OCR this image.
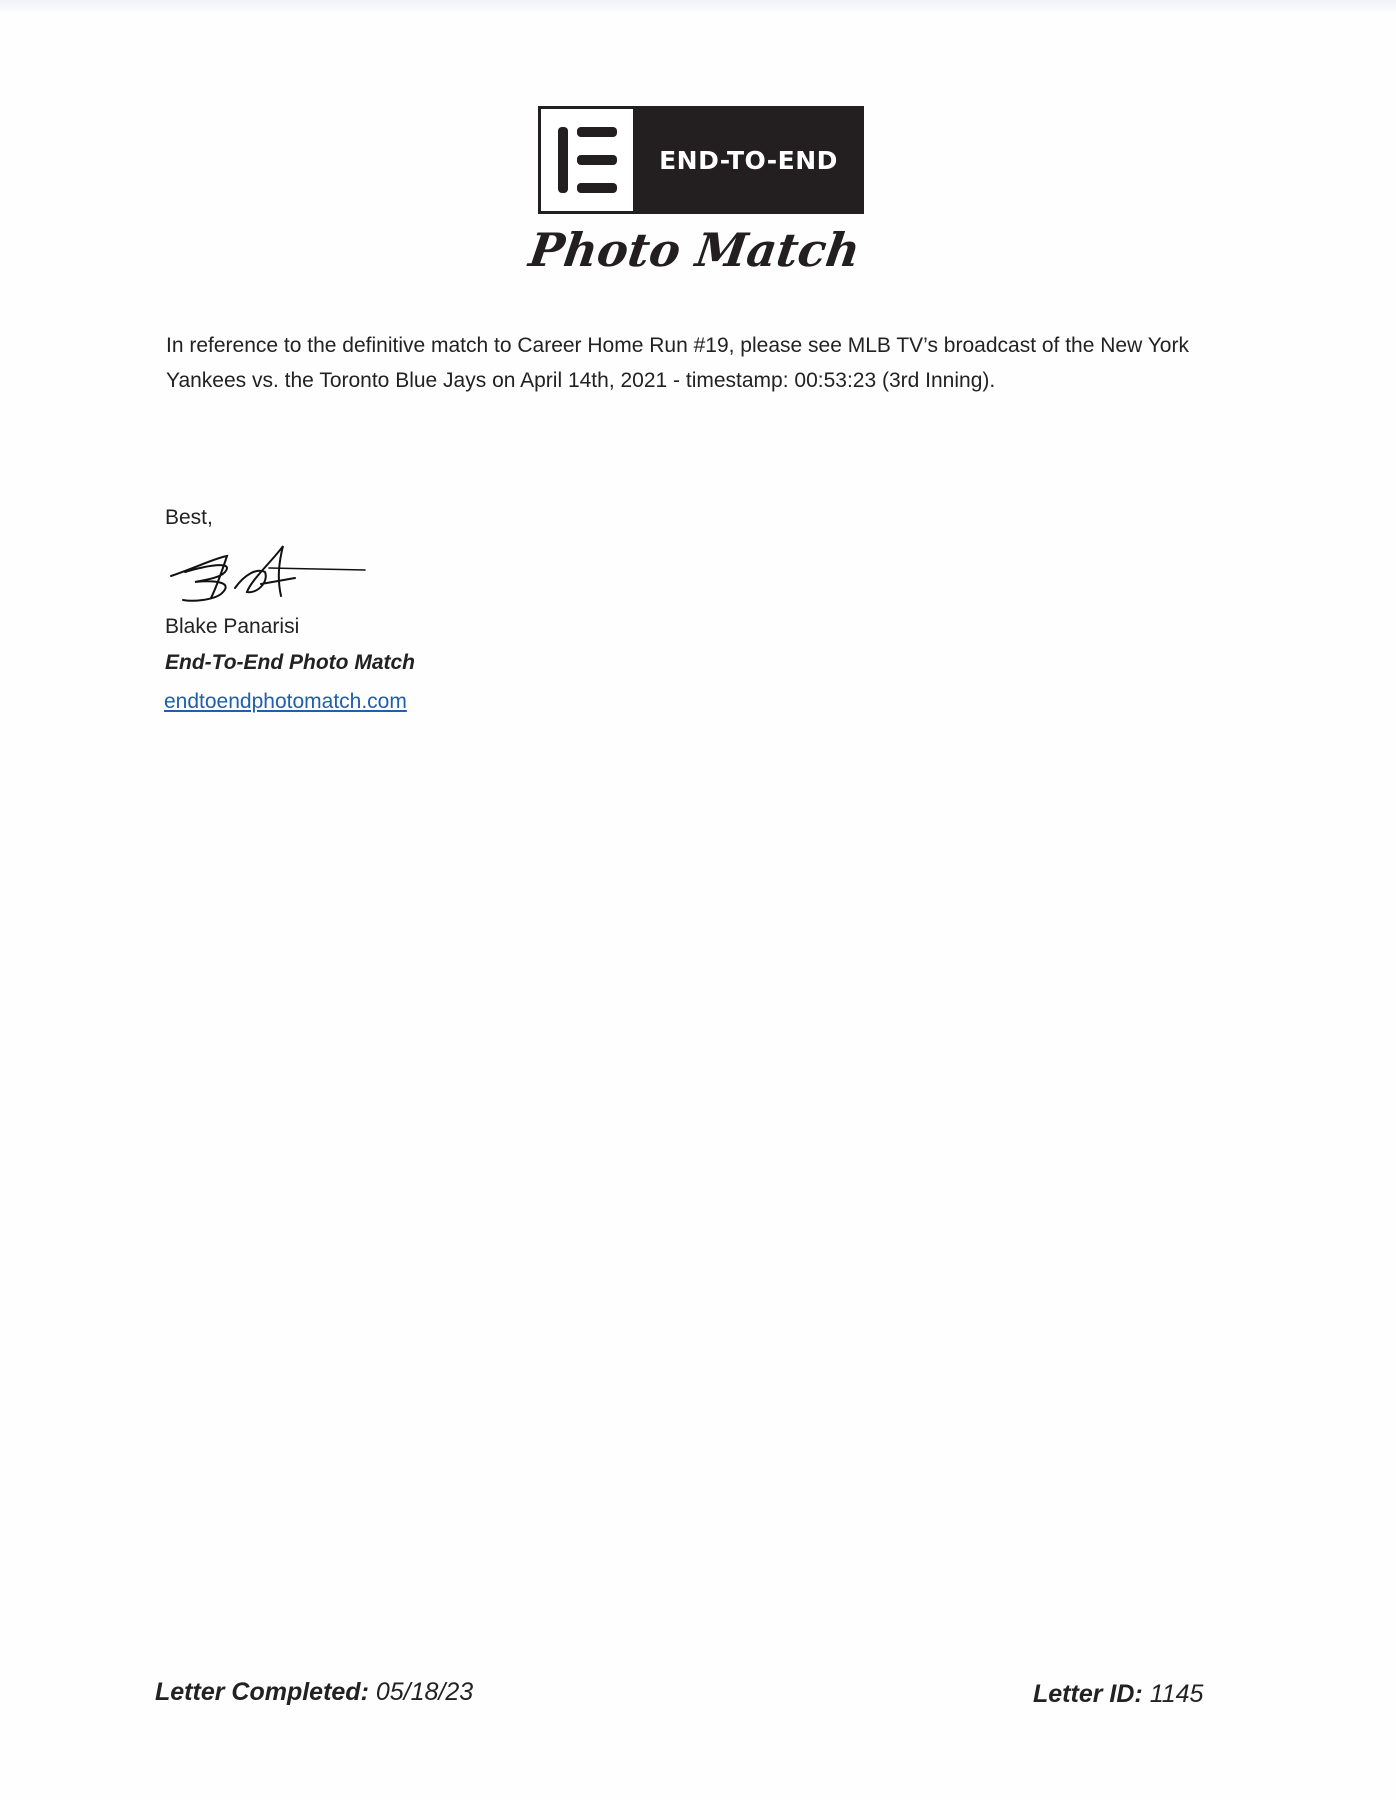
END-TO-END
Photo Match

In reference to the definitive match to Career Home Run #19, please see MLB TV’s broadcast of the New York Yankees vs. the Toronto Blue Jays on April 14th, 2021 - timestamp: 00:53:23 (3rd Inning).

Best,
Blake Panarisi
End-To-End Photo Match
endtoendphotomatch.com
Letter Completed: 05/18/23	Letter ID: 1145
